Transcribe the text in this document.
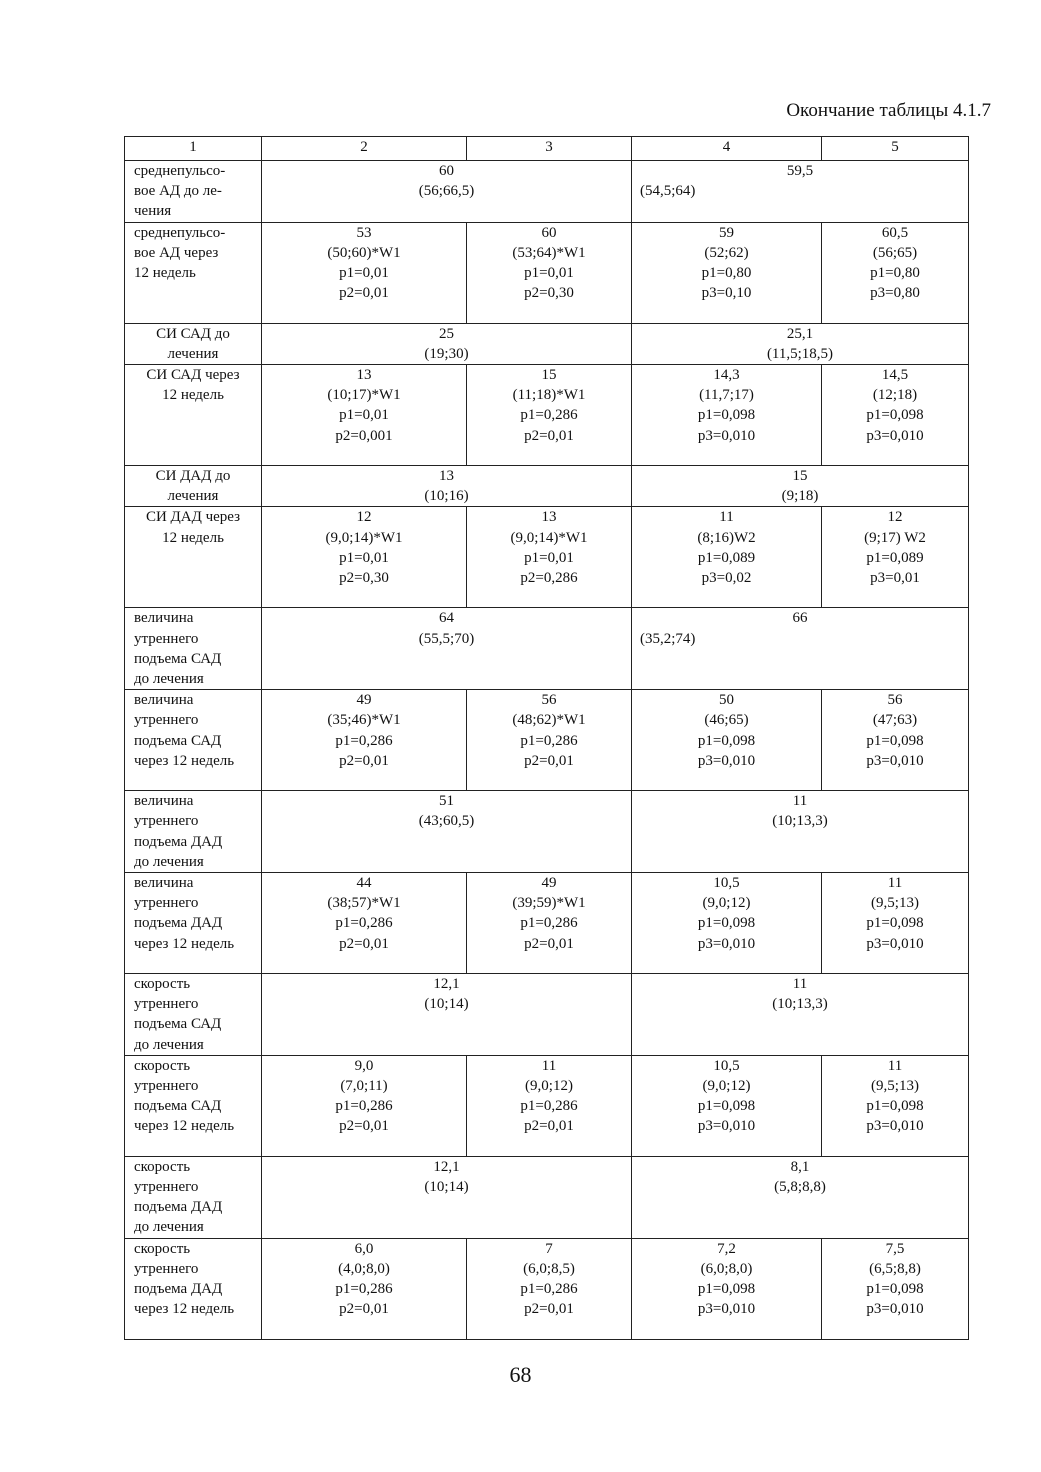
Окончание таблицы 4.1.7
1	2	3	4	5

среднепульсо-
вое АД до ле-
чения	60
(56;66,5)		59,5
(54,5;64)	

среднепульсо-
вое АД через
12 недель	53
(50;60)*W1
p1=0,01
p2=0,01	60
(53;64)*W1
p1=0,01
p2=0,30	59
(52;62)
p1=0,80
p3=0,10	60,5
(56;65)
p1=0,80
p3=0,80

СИ САД до
лечения	25
(19;30)		25,1
(11,5;18,5)	

СИ САД через
12 недель	13
(10;17)*W1
p1=0,01
p2=0,001	15
(11;18)*W1
p1=0,286
p2=0,01	14,3
(11,7;17)
p1=0,098
p3=0,010	14,5
(12;18)
p1=0,098
p3=0,010

СИ ДАД до
лечения	13
(10;16)		15
(9;18)	

СИ ДАД через
12 недель	12
(9,0;14)*W1
p1=0,01
p2=0,30	13
(9,0;14)*W1
p1=0,01
p2=0,286	11
(8;16)W2
p1=0,089
p3=0,02	12
(9;17) W2
p1=0,089
p3=0,01

величина
утреннего
подъема САД
до лечения	64
(55,5;70)		66
(35,2;74)	

величина
утреннего
подъема САД
через 12 недель	49
(35;46)*W1
p1=0,286
p2=0,01	56
(48;62)*W1
p1=0,286
p2=0,01	50
(46;65)
p1=0,098
p3=0,010	56
(47;63)
p1=0,098
p3=0,010

величина
утреннего
подъема ДАД
до лечения	51
(43;60,5)		11
(10;13,3)	

величина
утреннего
подъема ДАД
через 12 недель	44
(38;57)*W1
p1=0,286
p2=0,01	49
(39;59)*W1
p1=0,286
p2=0,01	10,5
(9,0;12)
p1=0,098
p3=0,010	11
(9,5;13)
p1=0,098
p3=0,010

скорость
утреннего
подъема САД
до лечения	12,1
(10;14)		11
(10;13,3)	

скорость
утреннего
подъема САД
через 12 недель	9,0
(7,0;11)
p1=0,286
p2=0,01	11
(9,0;12)
p1=0,286
p2=0,01	10,5
(9,0;12)
p1=0,098
p3=0,010	11
(9,5;13)
p1=0,098
p3=0,010

скорость
утреннего
подъема ДАД
до лечения	12,1
(10;14)		8,1
(5,8;8,8)	

скорость
утреннего
подъема ДАД
через 12 недель	6,0
(4,0;8,0)
p1=0,286
p2=0,01	7
(6,0;8,5)
p1=0,286
p2=0,01	7,2
(6,0;8,0)
p1=0,098
p3=0,010	7,5
(6,5;8,8)
p1=0,098
p3=0,010
68
